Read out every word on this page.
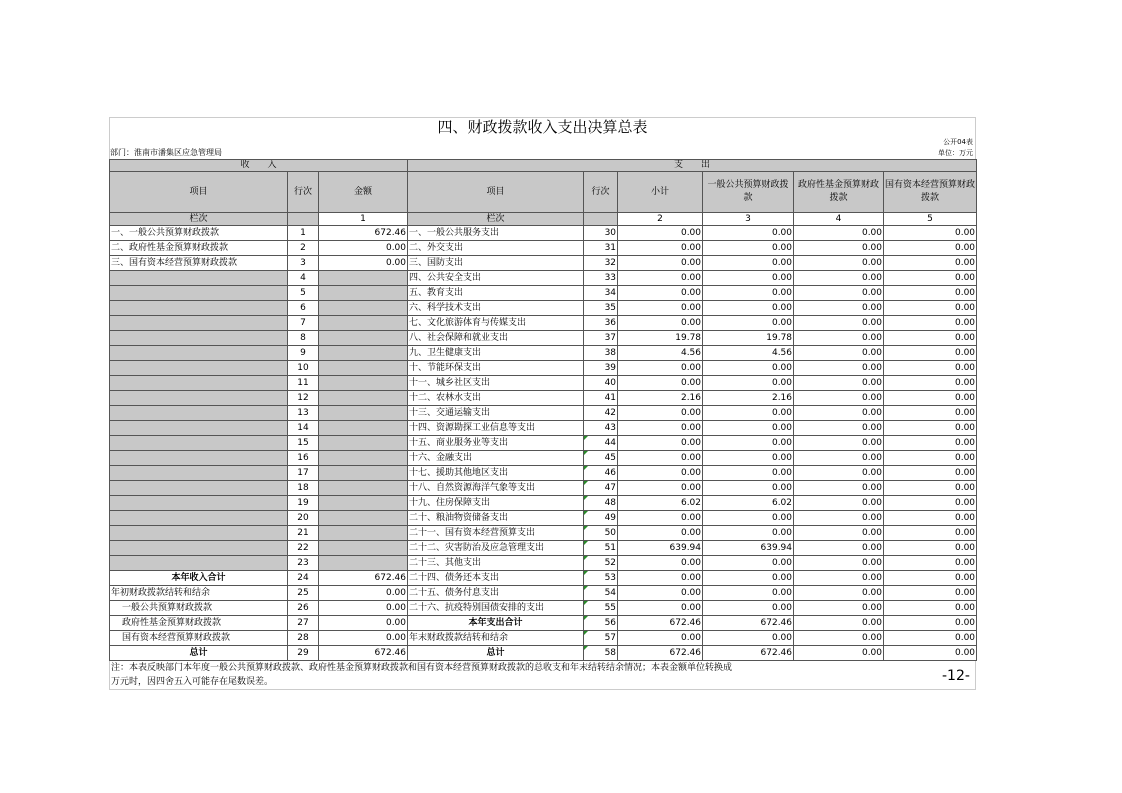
四、财政拨款收入支出决算总表
公开04表
部门：淮南市潘集区应急管理局	单位：万元
收　　入			支　　出					
项目	行次	金额	项目	行次	小计	一般公共预算财政拨款	政府性基金预算财政拨款	国有资本经营预算财政拨款
栏次		1	栏次		2	3	4	5
一、一般公共预算财政拨款	1	672.46	一、一般公共服务支出	30	0.00	0.00	0.00	0.00
二、政府性基金预算财政拨款	2	0.00	二、外交支出	31	0.00	0.00	0.00	0.00
三、国有资本经营预算财政拨款	3	0.00	三、国防支出	32	0.00	0.00	0.00	0.00
	4		四、公共安全支出	33	0.00	0.00	0.00	0.00
	5		五、教育支出	34	0.00	0.00	0.00	0.00
	6		六、科学技术支出	35	0.00	0.00	0.00	0.00
	7		七、文化旅游体育与传媒支出	36	0.00	0.00	0.00	0.00
	8		八、社会保障和就业支出	37	19.78	19.78	0.00	0.00
	9		九、卫生健康支出	38	4.56	4.56	0.00	0.00
	10		十、节能环保支出	39	0.00	0.00	0.00	0.00
	11		十一、城乡社区支出	40	0.00	0.00	0.00	0.00
	12		十二、农林水支出	41	2.16	2.16	0.00	0.00
	13		十三、交通运输支出	42	0.00	0.00	0.00	0.00
	14		十四、资源勘探工业信息等支出	43	0.00	0.00	0.00	0.00
	15		十五、商业服务业等支出	44	0.00	0.00	0.00	0.00
	16		十六、金融支出	45	0.00	0.00	0.00	0.00
	17		十七、援助其他地区支出	46	0.00	0.00	0.00	0.00
	18		十八、自然资源海洋气象等支出	47	0.00	0.00	0.00	0.00
	19		十九、住房保障支出	48	6.02	6.02	0.00	0.00
	20		二十、粮油物资储备支出	49	0.00	0.00	0.00	0.00
	21		二十一、国有资本经营预算支出	50	0.00	0.00	0.00	0.00
	22		二十二、灾害防治及应急管理支出	51	639.94	639.94	0.00	0.00
	23		二十三、其他支出	52	0.00	0.00	0.00	0.00
本年收入合计	24	672.46	二十四、债务还本支出	53	0.00	0.00	0.00	0.00
年初财政拨款结转和结余	25	0.00	二十五、债务付息支出	54	0.00	0.00	0.00	0.00
一般公共预算财政拨款	26	0.00	二十六、抗疫特别国债安排的支出	55	0.00	0.00	0.00	0.00
政府性基金预算财政拨款	27	0.00	本年支出合计	56	672.46	672.46	0.00	0.00
国有资本经营预算财政拨款	28	0.00	年末财政拨款结转和结余	57	0.00	0.00	0.00	0.00
总计	29	672.46	总计	58	672.46	672.46	0.00	0.00
注：本表反映部门本年度一般公共预算财政拨款、政府性基金预算财政拨款和国有资本经营预算财政拨款的总收支和年末结转结余情况；本表金额单位转换成
万元时，因四舍五入可能存在尾数误差。	-12-
